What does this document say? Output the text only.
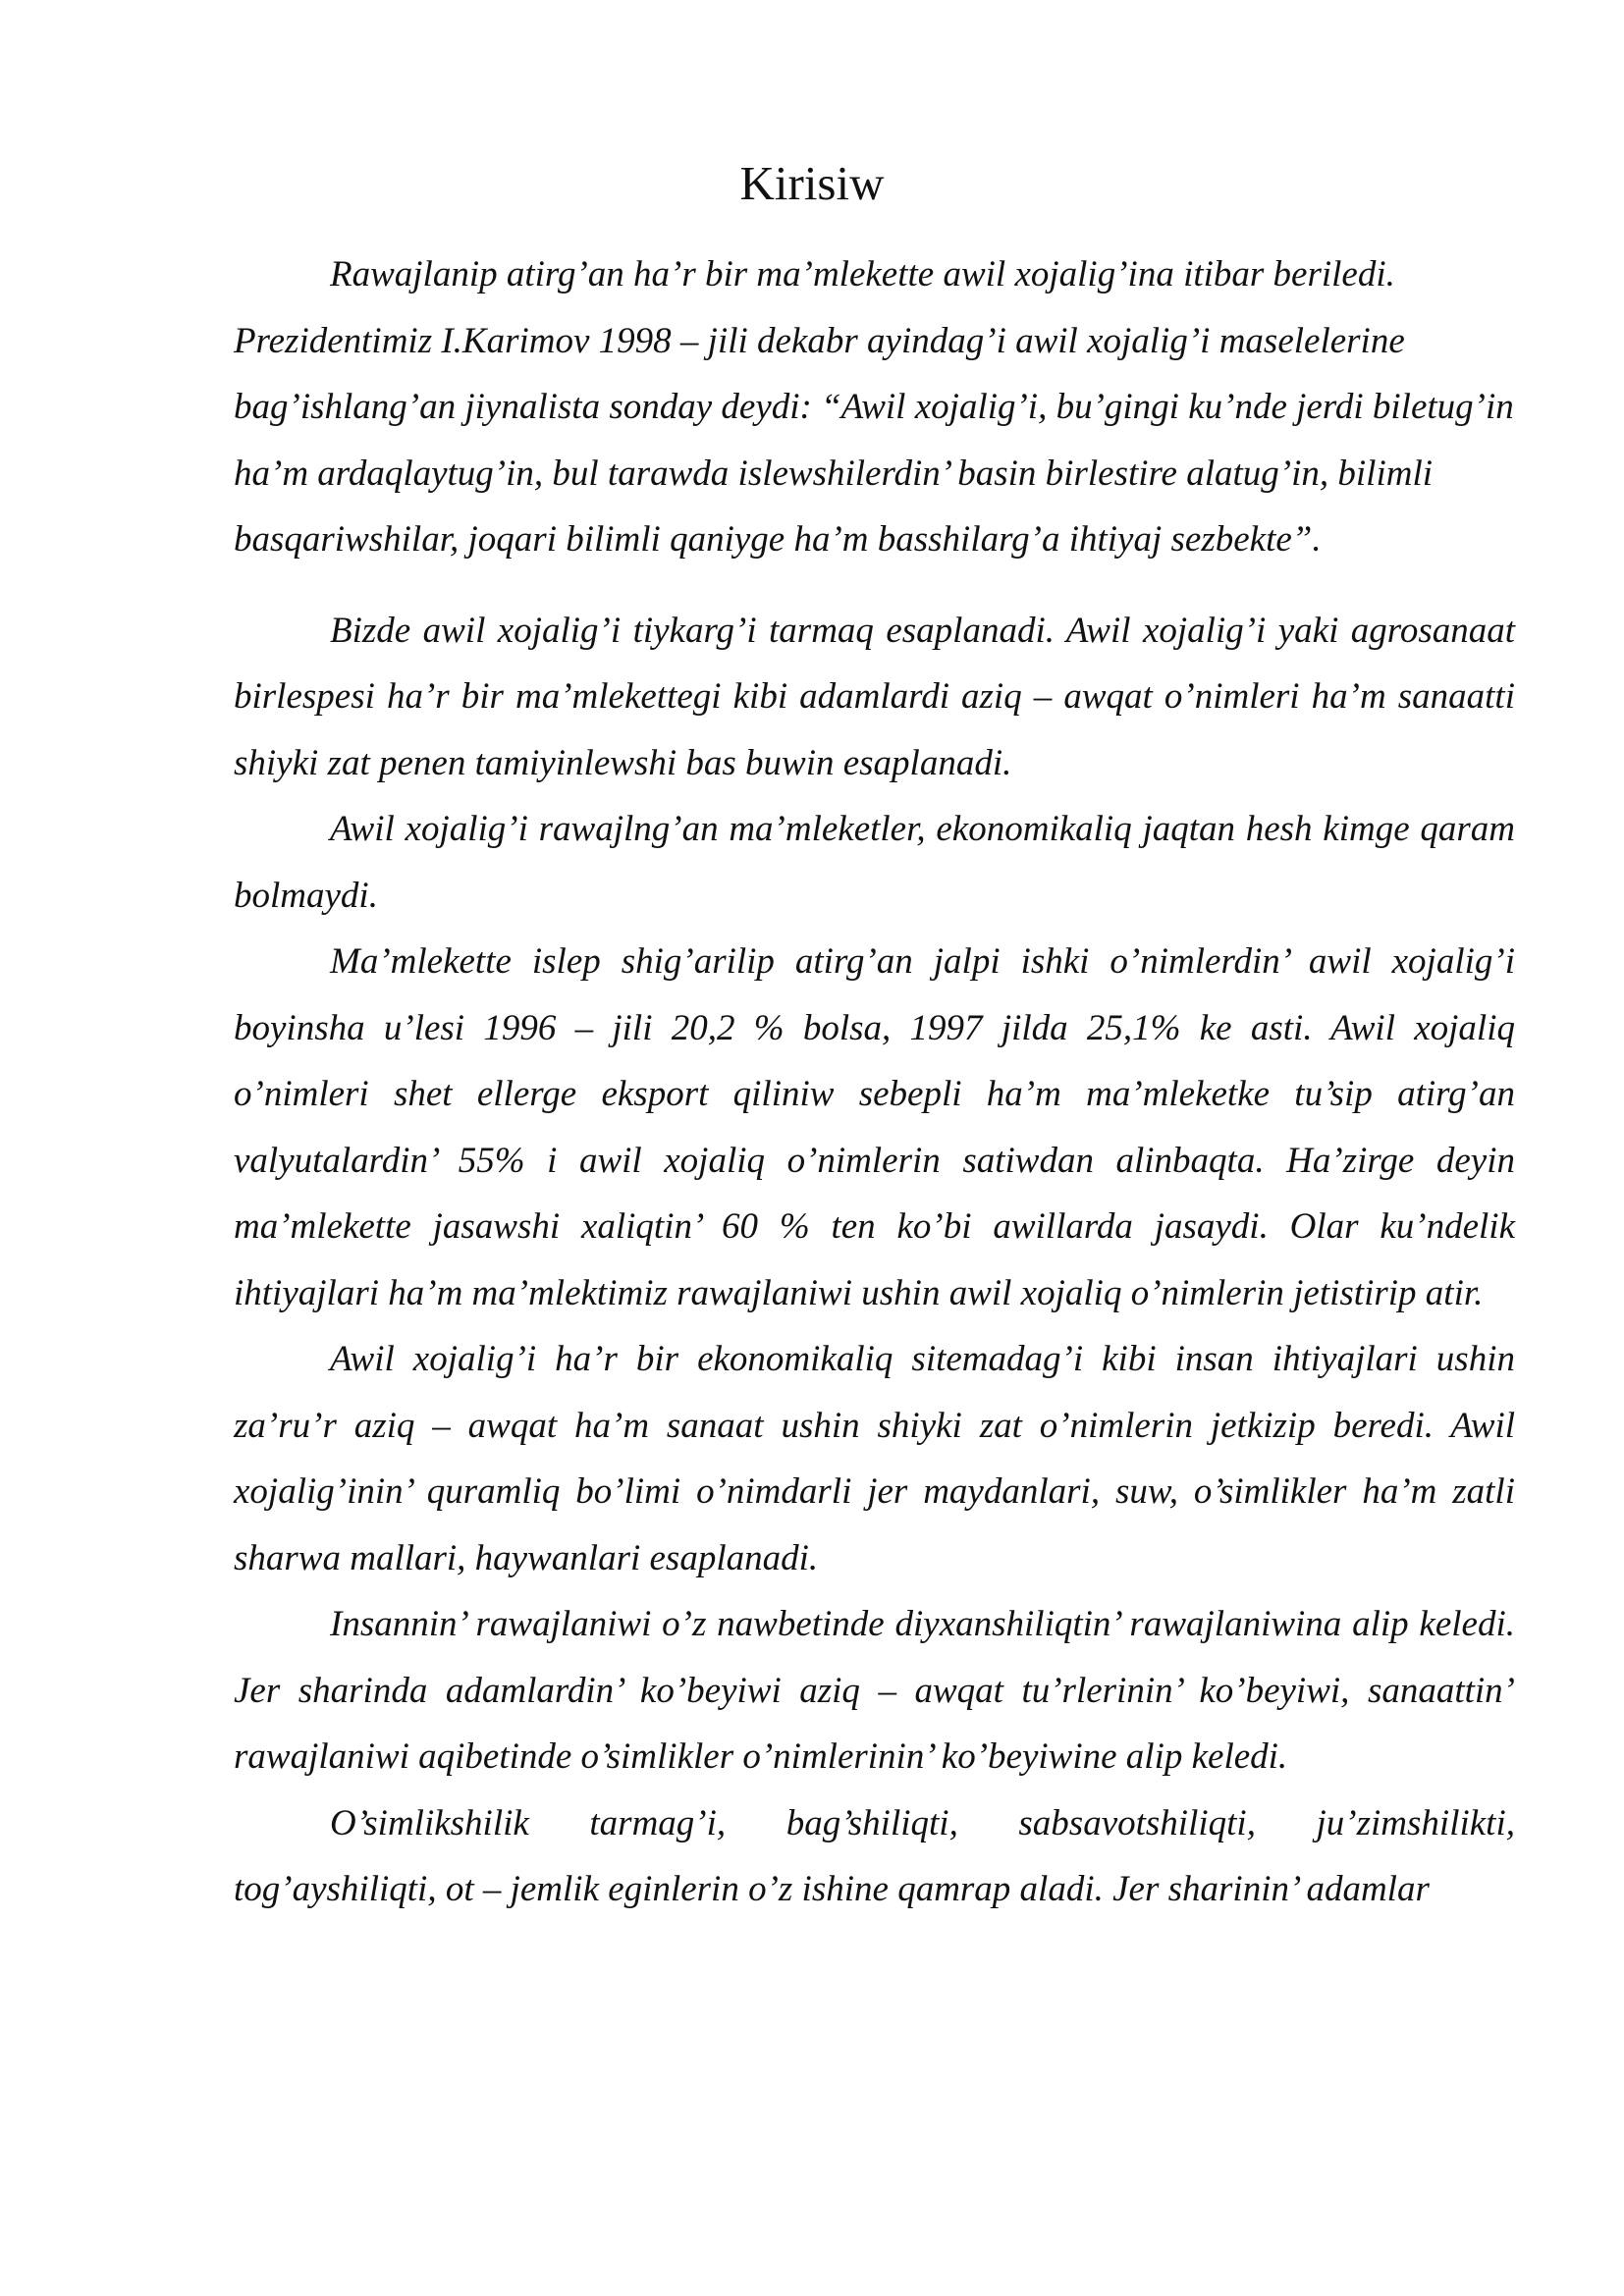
Kirisiw

Rawajlanip atirg’an ha’r bir ma’mlekette awil xojalig’ina itibar beriledi. Prezidentimiz I.Karimov 1998 – jili dekabr ayindag’i awil xojalig’i maselelerine bag’ishlang’an jiynalista sonday deydi: “Awil xojalig’i, bu’gingi ku’nde jerdi biletug’in ha’m ardaqlaytug’in, bul tarawda islewshilerdin’ basin birlestire alatug’in, bilimli basqariwshilar, joqari bilimli qaniyge ha’m basshilarg’a ihtiyaj sezbekte”.

Bizde awil xojalig’i tiykarg’i tarmaq esaplanadi. Awil xojalig’i yaki agrosanaat birlespesi ha’r bir ma’mlekettegi kibi adamlardi aziq – awqat o’nimleri ha’m sanaatti shiyki zat penen tamiyinlewshi bas buwin esaplanadi.

Awil xojalig’i rawajlng’an ma’mleketler, ekonomikaliq jaqtan hesh kimge qaram bolmaydi.

Ma’mlekette islep shig’arilip atirg’an jalpi ishki o’nimlerdin’ awil xojalig’i boyinsha u’lesi 1996 – jili 20,2 % bolsa, 1997 jilda 25,1% ke asti. Awil xojaliq o’nimleri shet ellerge eksport qiliniw sebepli ha’m ma’mleketke tu’sip atirg’an valyutalardin’ 55% i awil xojaliq o’nimlerin satiwdan alinbaqta. Ha’zirge deyin ma’mlekette jasawshi xaliqtin’ 60 % ten ko’bi awillarda jasaydi. Olar ku’ndelik ihtiyajlari ha’m ma’mlektimiz rawajlaniwi ushin awil xojaliq o’nimlerin jetistirip atir.

Awil xojalig’i ha’r bir ekonomikaliq sitemadag’i kibi insan ihtiyajlari ushin za’ru’r aziq – awqat ha’m sanaat ushin shiyki zat o’nimlerin jetkizip beredi. Awil xojalig’inin’ quramliq bo’limi o’nimdarli jer maydanlari, suw, o’simlikler ha’m zatli sharwa mallari, haywanlari esaplanadi.

Insannin’ rawajlaniwi o’z nawbetinde diyxanshiliqtin’ rawajlaniwina alip keledi. Jer sharinda adamlardin’ ko’beyiwi aziq – awqat tu’rlerinin’ ko’beyiwi, sanaattin’ rawajlaniwi aqibetinde o’simlikler o’nimlerinin’ ko’beyiwine alip keledi.

O’simlikshilik tarmag’i, bag’shiliqti, sabsavotshiliqti, ju’zimshilikti, tog’ayshiliqti, ot – jemlik eginlerin o’z ishine qamrap aladi. Jer sharinin’ adamlar
